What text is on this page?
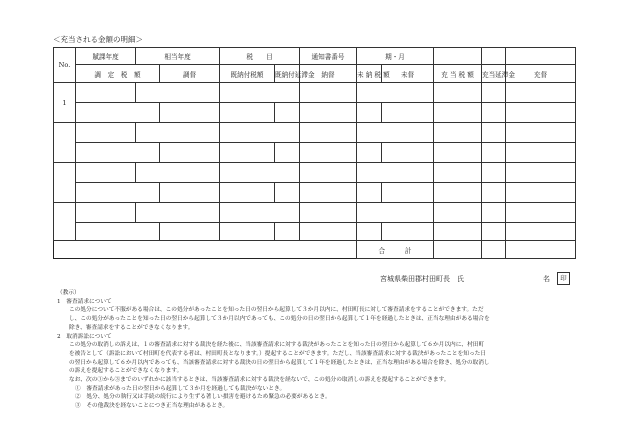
＜充当される金額の明細＞
No.	賦課年度	相当年度		税　　目		通知書番号	期・月				
	調　定　税　額		調督	既納付税額	既納付延滞金	納督	未 納 税 額	未督	充 当 税 額	充当延滞金	充督
1											

							合　　　計				
宮城県柴田郡村田町長　氏	名	印
（教示）
1　審査請求について
この処分について不服がある場合は、この処分があったことを知った日の翌日から起算して３か月以内に、村田町長に対して審査請求をすることができます。ただ
し、この処分があったことを知った日の翌日から起算して３か月以内であっても、この処分の日の翌日から起算して１年を経過したときは、正当な理由がある場合を
除き、審査請求をすることができなくなります。
2　取消訴訟について
この処分の取消しの訴えは、１の審査請求に対する裁決を経た後に、当該審査請求に対する裁決があったことを知った日の翌日から起算して６か月以内に、村田町
を被告として（訴訟において村田町を代表する者は、村田町長となります。）提起することができます。ただし、当該審査請求に対する裁決があったことを知った日
の翌日から起算して６か月以内であっても、当該審査請求に対する裁決の日の翌日から起算して１年を経過したときは、正当な理由がある場合を除き、処分の取消し
の訴えを提起することができなくなります。
なお、次の①から③までのいずれかに該当するときは、当該審査請求に対する裁決を経ないで、この処分の取消しの訴えを提起することができます。
①　審査請求があった日の翌日から起算して３か月を経過しても裁決がないとき。
②　処分、処分の執行又は手続の続行により生ずる著しい損害を避けるため緊急の必要があるとき。
③　その他裁決を経ないことにつき正当な理由があるとき。
